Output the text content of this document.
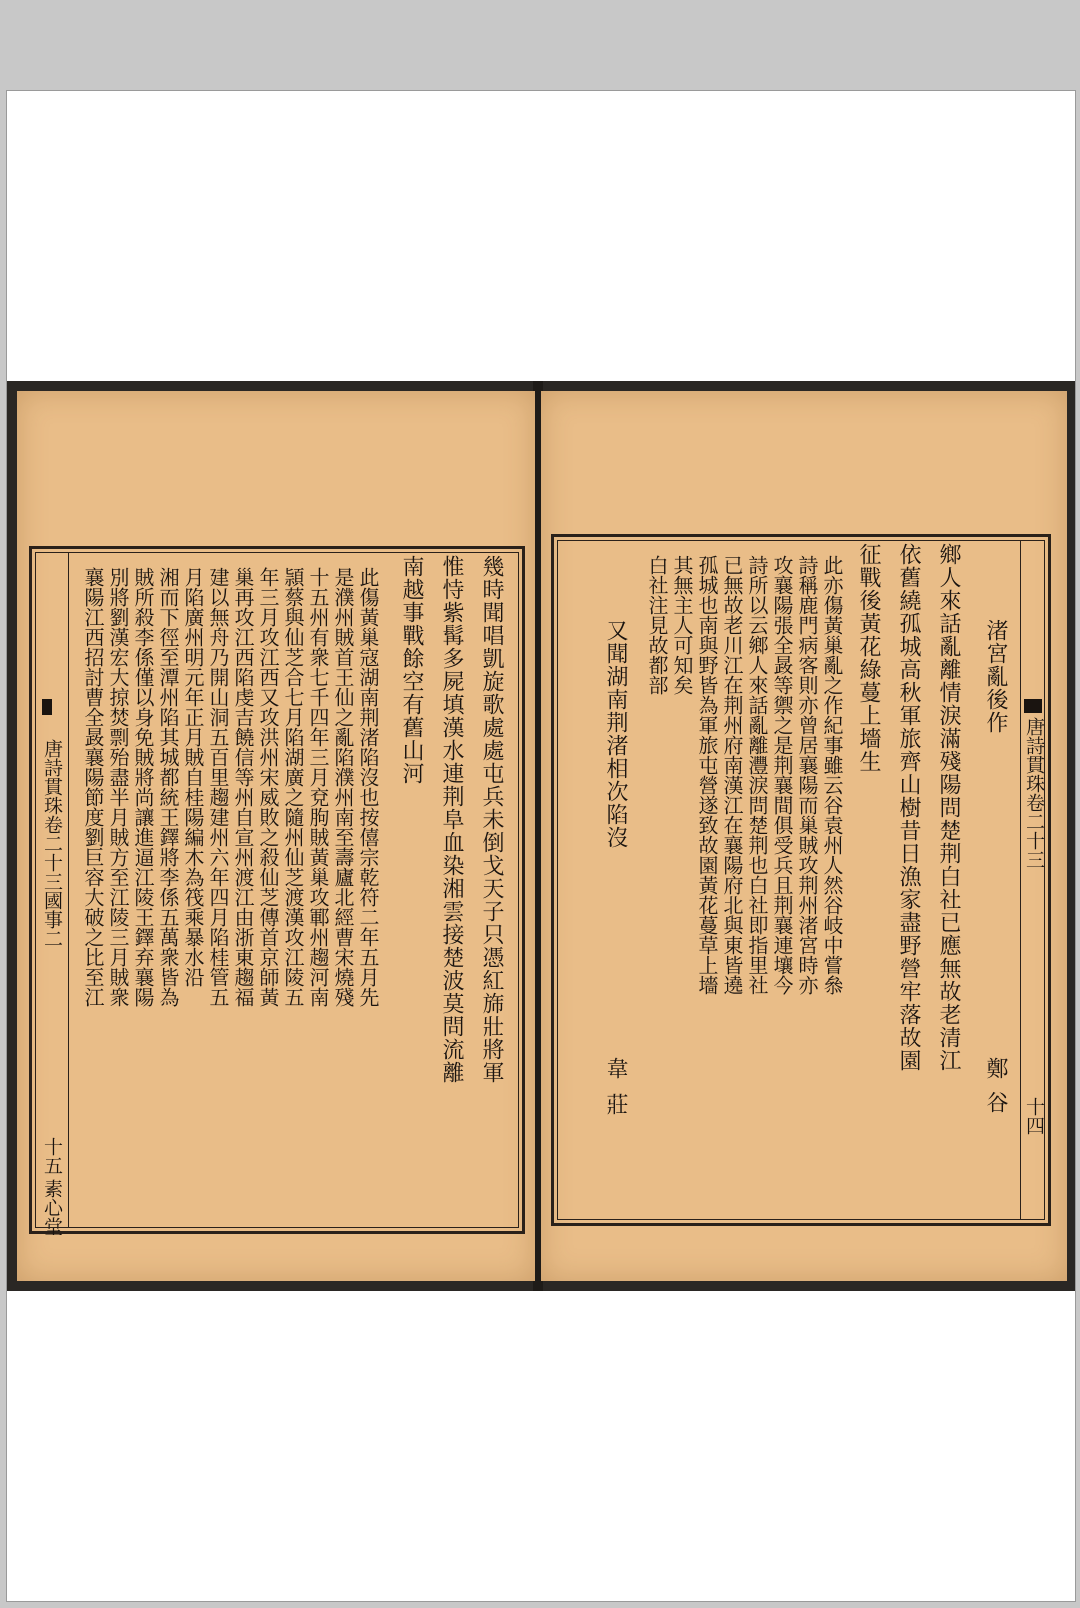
唐詩貫珠卷二十三國事二
十五
素心堂
此傷黃巢寇湖南荆渚陷沒也按僖宗乾符二年五月先
是濮州賊首王仙之亂陷濮州南至壽廬北經曹宋燒殘
十五州有衆七千四年三月兗朐賊黃巢攻鄆州趨河南
頴蔡與仙芝合七月陷湖廣之隨州仙芝渡漢攻江陵五
年三月攻江西又攻洪州宋威敗之殺仙芝傳首京師黃
巢再攻江西陷虔吉饒信等州自宣州渡江由浙東趨福
建以無舟乃開山洞五百里趨建州六年四月陷桂管五
月陷廣州明元年正月賊自桂陽編木為筏乘暴水沿
湘而下徑至潭州陷其城都統王鐸將李係五萬衆皆為
賊所殺李係僅以身免賊將尚讓進逼江陵王鐸弃襄陽
別將劉漢宏大掠焚剽殆盡半月賊方至江陵三月賊衆
襄陽江西招討曹全晸襄陽節度劉巨容大破之比至江	幾時聞唱凱旋歌處處屯兵未倒戈天子只憑紅旆壯將軍
惟恃紫髯多屍填漢水連荆阜血染湘雲接楚波莫問流離
南越事戰餘空有舊山河
唐詩貫珠卷二十三
十四
渚宮亂後作
鄭谷
鄉人來話亂離情淚滿殘陽問楚荆白社已應無故老清江
依舊繞孤城高秋軍旅齊山樹昔日漁家盡野營牢落故園
征戰後黃花綠蔓上墻生
此亦傷黃巢亂之作紀事雖云谷袁州人然谷岐中嘗叅
詩稱鹿門病客則亦曾居襄陽而巢賊攻荆州渚宮時亦
攻襄陽張全晸等禦之是荆襄間俱受兵且荆襄連壤今
詩所以云鄉人來話亂離灃淚問楚荆也白社即指里社
已無故老川江在荆州府南漢江在襄陽府北與東皆遶
孤城也南與野皆為軍旅屯營遂致故園黃花蔓草上墻
其無主人可知矣
白社注見故都部
又聞湖南荆渚相次陷沒
韋莊
